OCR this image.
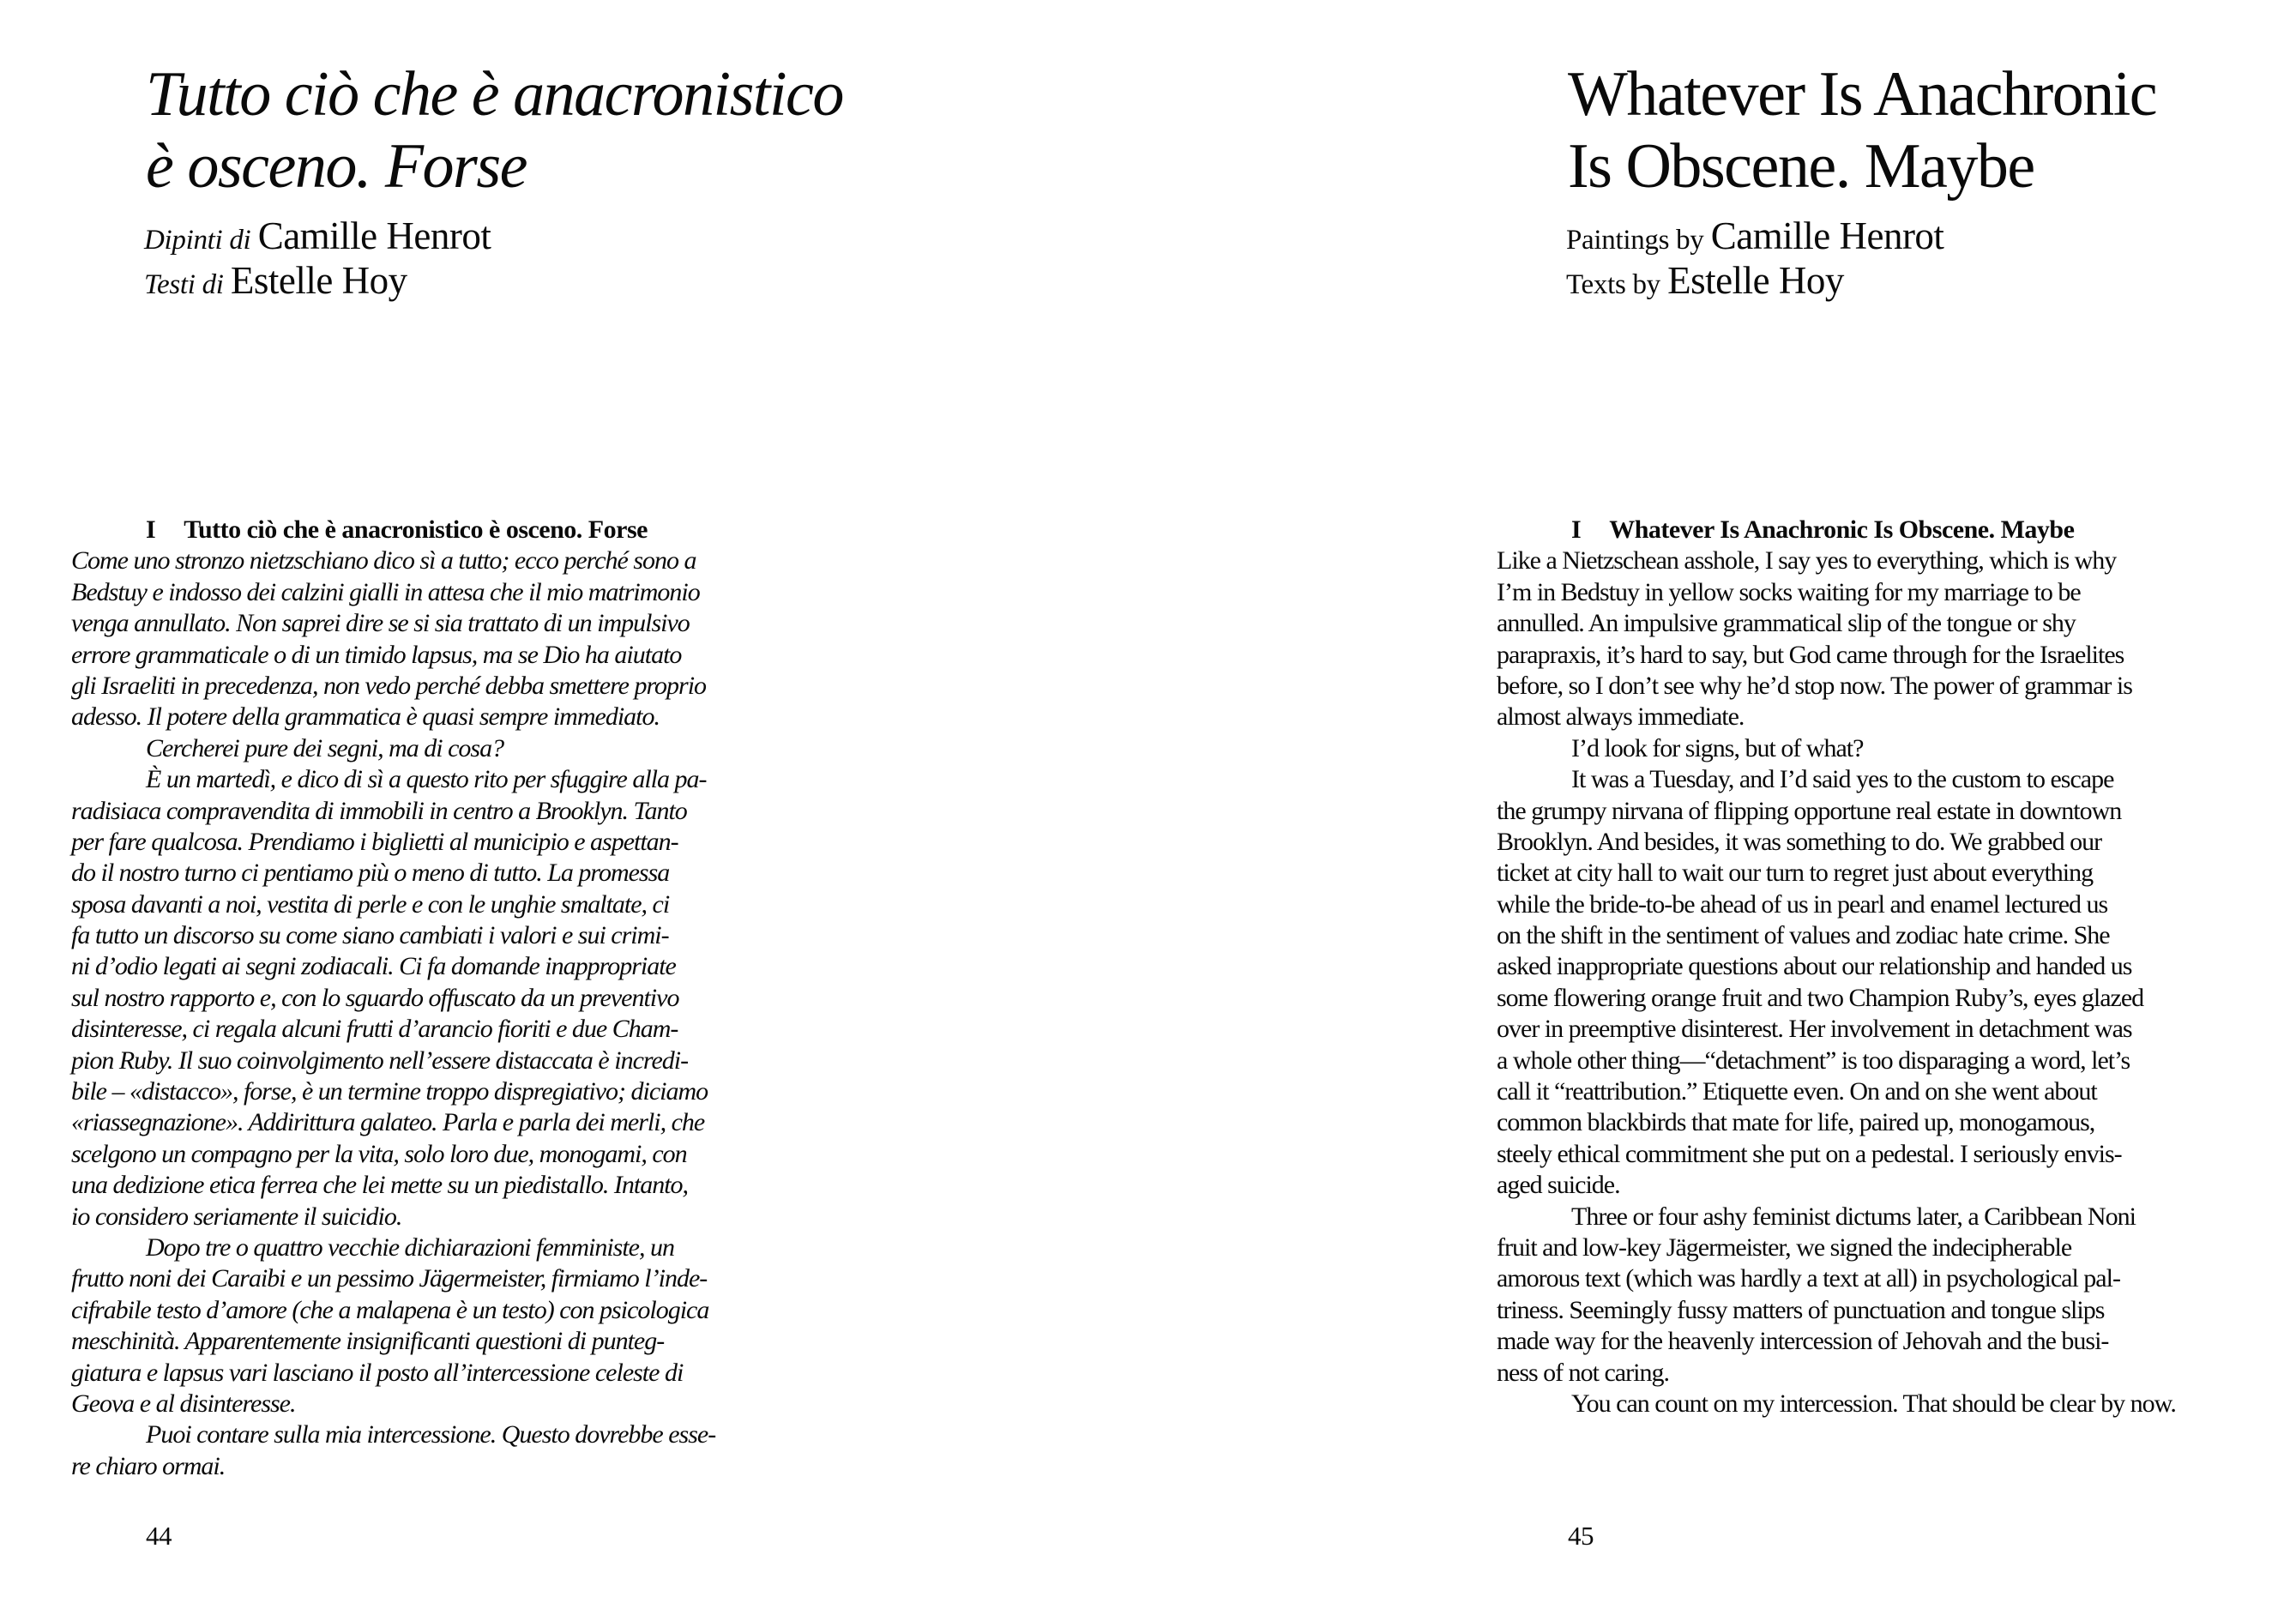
Tutto ciò che è anacronistico
è osceno. Forse
Dipinti di Camille Henrot
Testi di Estelle Hoy
I Tutto ciò che è anacronistico è osceno. Forse
Come uno stronzo nietzschiano dico sì a tutto; ecco perché sono a
Bedstuy e indosso dei calzini gialli in attesa che il mio matrimonio
venga annullato. Non saprei dire se si sia trattato di un impulsivo
errore grammaticale o di un timido lapsus, ma se Dio ha aiutato
gli Israeliti in precedenza, non vedo perché debba smettere proprio
adesso. Il potere della grammatica è quasi sempre immediato.
Cercherei pure dei segni, ma di cosa?
È un martedì, e dico di sì a questo rito per sfuggire alla pa-
radisiaca compravendita di immobili in centro a Brooklyn. Tanto
per fare qualcosa. Prendiamo i biglietti al municipio e aspettan-
do il nostro turno ci pentiamo più o meno di tutto. La promessa
sposa davanti a noi, vestita di perle e con le unghie smaltate, ci
fa tutto un discorso su come siano cambiati i valori e sui crimi-
ni d’odio legati ai segni zodiacali. Ci fa domande inappropriate
sul nostro rapporto e, con lo sguardo offuscato da un preventivo
disinteresse, ci regala alcuni frutti d’arancio fioriti e due Cham-
pion Ruby. Il suo coinvolgimento nell’essere distaccata è incredi-
bile – «distacco», forse, è un termine troppo dispregiativo; diciamo
«riassegnazione». Addirittura galateo. Parla e parla dei merli, che
scelgono un compagno per la vita, solo loro due, monogami, con
una dedizione etica ferrea che lei mette su un piedistallo. Intanto,
io considero seriamente il suicidio.
Dopo tre o quattro vecchie dichiarazioni femministe, un
frutto noni dei Caraibi e un pessimo Jägermeister, firmiamo l’inde-
cifrabile testo d’amore (che a malapena è un testo) con psicologica
meschinità. Apparentemente insignificanti questioni di punteg-
giatura e lapsus vari lasciano il posto all’intercessione celeste di
Geova e al disinteresse.
Puoi contare sulla mia intercessione. Questo dovrebbe esse-
re chiaro ormai.
44
Whatever Is Anachronic
Is Obscene. Maybe
Paintings by Camille Henrot
Texts by Estelle Hoy
I Whatever Is Anachronic Is Obscene. Maybe
Like a Nietzschean asshole, I say yes to everything, which is why
I’m in Bedstuy in yellow socks waiting for my marriage to be
annulled. An impulsive grammatical slip of the tongue or shy
parapraxis, it’s hard to say, but God came through for the Israelites
before, so I don’t see why he’d stop now. The power of grammar is
almost always immediate.
I’d look for signs, but of what?
It was a Tuesday, and I’d said yes to the custom to escape
the grumpy nirvana of flipping opportune real estate in downtown
Brooklyn. And besides, it was something to do. We grabbed our
ticket at city hall to wait our turn to regret just about everything
while the bride-to-be ahead of us in pearl and enamel lectured us
on the shift in the sentiment of values and zodiac hate crime. She
asked inappropriate questions about our relationship and handed us
some flowering orange fruit and two Champion Ruby’s, eyes glazed
over in preemptive disinterest. Her involvement in detachment was
a whole other thing—“detachment” is too disparaging a word, let’s
call it “reattribution.” Etiquette even. On and on she went about
common blackbirds that mate for life, paired up, monogamous,
steely ethical commitment she put on a pedestal. I seriously envis-
aged suicide.
Three or four ashy feminist dictums later, a Caribbean Noni
fruit and low-key Jägermeister, we signed the indecipherable
amorous text (which was hardly a text at all) in psychological pal-
triness. Seemingly fussy matters of punctuation and tongue slips
made way for the heavenly intercession of Jehovah and the busi-
ness of not caring.
You can count on my intercession. That should be clear by now.
45
